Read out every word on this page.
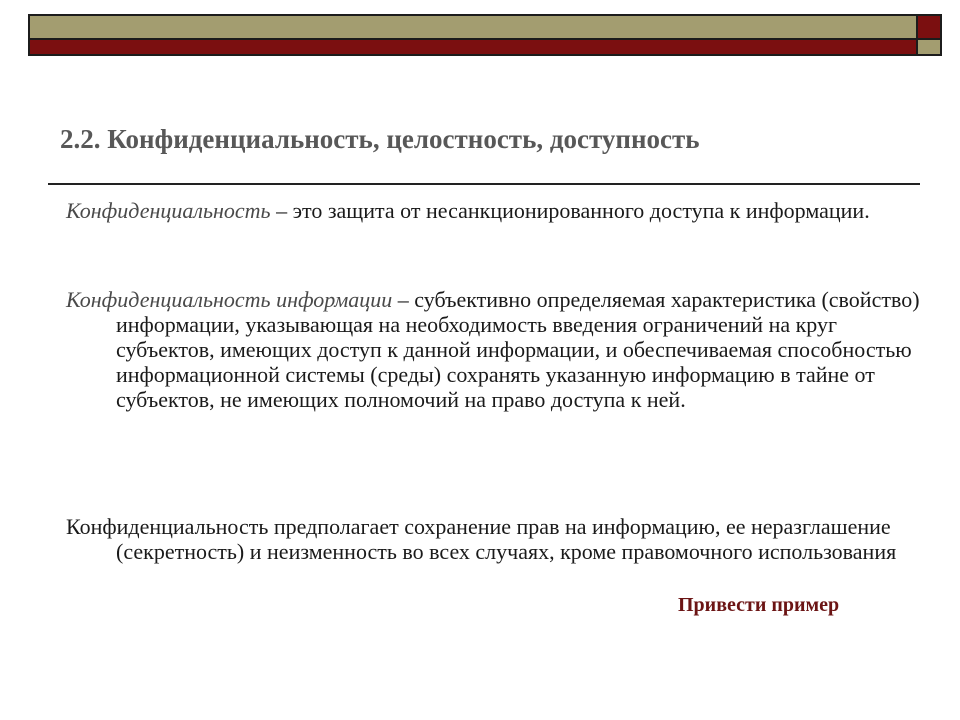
2.2. Конфиденциальность, целостность, доступность

Конфиденциальность – это защита от несанкционированного доступа к информации.

Конфиденциальность информации – субъективно определяемая характеристика (свойство) информации, указывающая на необходимость введения ограничений на круг субъектов, имеющих доступ к данной информации, и обеспечиваемая способностью информационной системы (среды) сохранять указанную информацию в тайне от субъектов, не имеющих полномочий на право доступа к ней.

Конфиденциальность предполагает сохранение прав на информацию, ее неразглашение (секретность) и неизменность во всех случаях, кроме правомочного использования

Привести пример
